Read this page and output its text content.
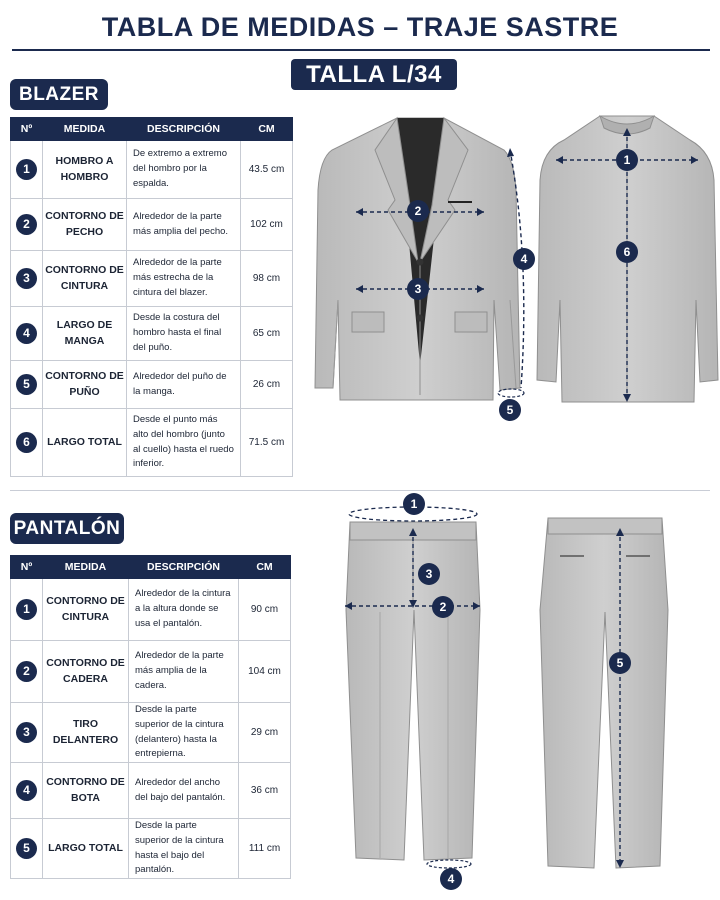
TABLA DE MEDIDAS – TRAJE SASTRE
TALLA L/34
BLAZER
Nº	MEDIDA	DESCRIPCIÓN	CM
1	HOMBRO A HOMBRO	De extremo a extremo del hombro por la espalda.	43.5 cm
2	CONTORNO DE PECHO	Alrededor de la parte más amplia del pecho.	102 cm
3	CONTORNO DE CINTURA	Alrededor de la parte más estrecha de la cintura del blazer.	98 cm
4	LARGO DE MANGA	Desde la costura del hombro hasta el final del puño.	65 cm
5	CONTORNO DE PUÑO	Alrededor del puño de la manga.	26 cm
6	LARGO TOTAL	Desde el punto más alto del hombro (junto al cuello) hasta el ruedo inferior.	71.5 cm
PANTALÓN
Nº	MEDIDA	DESCRIPCIÓN	CM
1	CONTORNO DE CINTURA	Alrededor de la cintura a la altura donde se usa el pantalón.	90 cm
2	CONTORNO DE CADERA	Alrededor de la parte más amplia de la cadera.	104 cm
3	TIRO DELANTERO	Desde la parte superior de la cintura (delantero) hasta la entrepierna.	29 cm
4	CONTORNO DE BOTA	Alrededor del ancho del bajo del pantalón.	36 cm
5	LARGO TOTAL	Desde la parte superior de la cintura hasta el bajo del pantalón.	111 cm
2
3
4
5
1
6
1
2
3
4
5
